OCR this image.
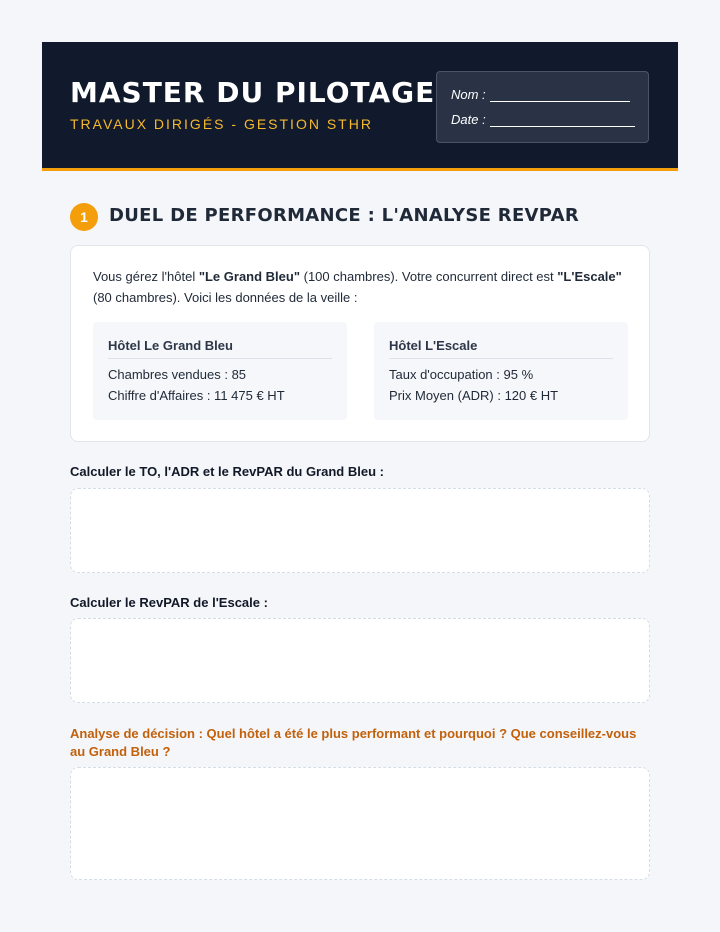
MASTER DU PILOTAGE
TRAVAUX DIRIGÉS - GESTION STHR
Nom :
Date :
1	DUEL DE PERFORMANCE : L'ANALYSE REVPAR
Vous gérez l'hôtel "Le Grand Bleu" (100 chambres). Votre concurrent direct est "L'Escale" (80 chambres). Voici les données de la veille :
Hôtel Le Grand Bleu
Chambres vendues : 85
Chiffre d'Affaires : 11 475 € HT
Hôtel L'Escale
Taux d'occupation : 95 %
Prix Moyen (ADR) : 120 € HT
Calculer le TO, l'ADR et le RevPAR du Grand Bleu :
Calculer le RevPAR de l'Escale :
Analyse de décision : Quel hôtel a été le plus performant et pourquoi ? Que conseillez-vous au Grand Bleu ?
